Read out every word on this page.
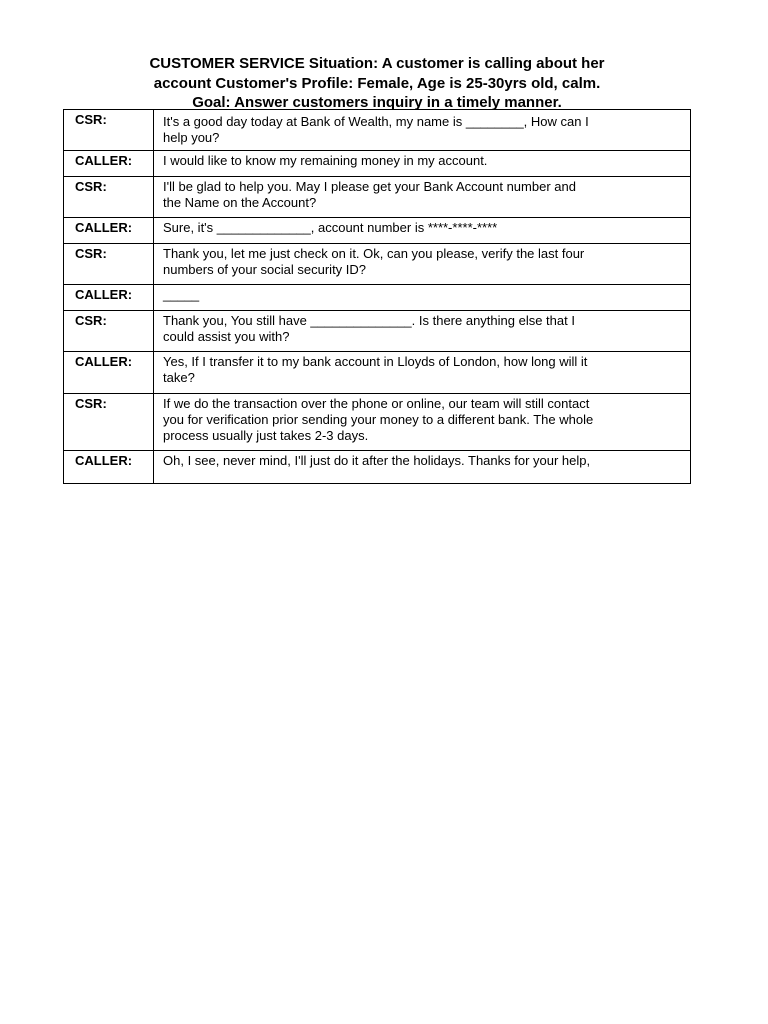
CUSTOMER SERVICE Situation: A customer is calling about her
account Customer's Profile: Female, Age is 25-30yrs old, calm.
Goal: Answer customers inquiry in a timely manner.
CSR:	It's a good day today at Bank of Wealth, my name is ________, How can I
help you?
CALLER:	I would like to know my remaining money in my account.
CSR:	I'll be glad to help you. May I please get your Bank Account number and
the Name on the Account?
CALLER:	Sure, it's _____________, account number is ****-****-****
CSR:	Thank you, let me just check on it. Ok, can you please, verify the last four
numbers of your social security ID?
CALLER:	_____
CSR:	Thank you, You still have ______________. Is there anything else that I
could assist you with?
CALLER:	Yes, If I transfer it to my bank account in Lloyds of London, how long will it
take?
CSR:	If we do the transaction over the phone or online, our team will still contact
you for verification prior sending your money to a different bank. The whole
process usually just takes 2-3 days.
CALLER:	Oh, I see, never mind, I'll just do it after the holidays. Thanks for your help,
